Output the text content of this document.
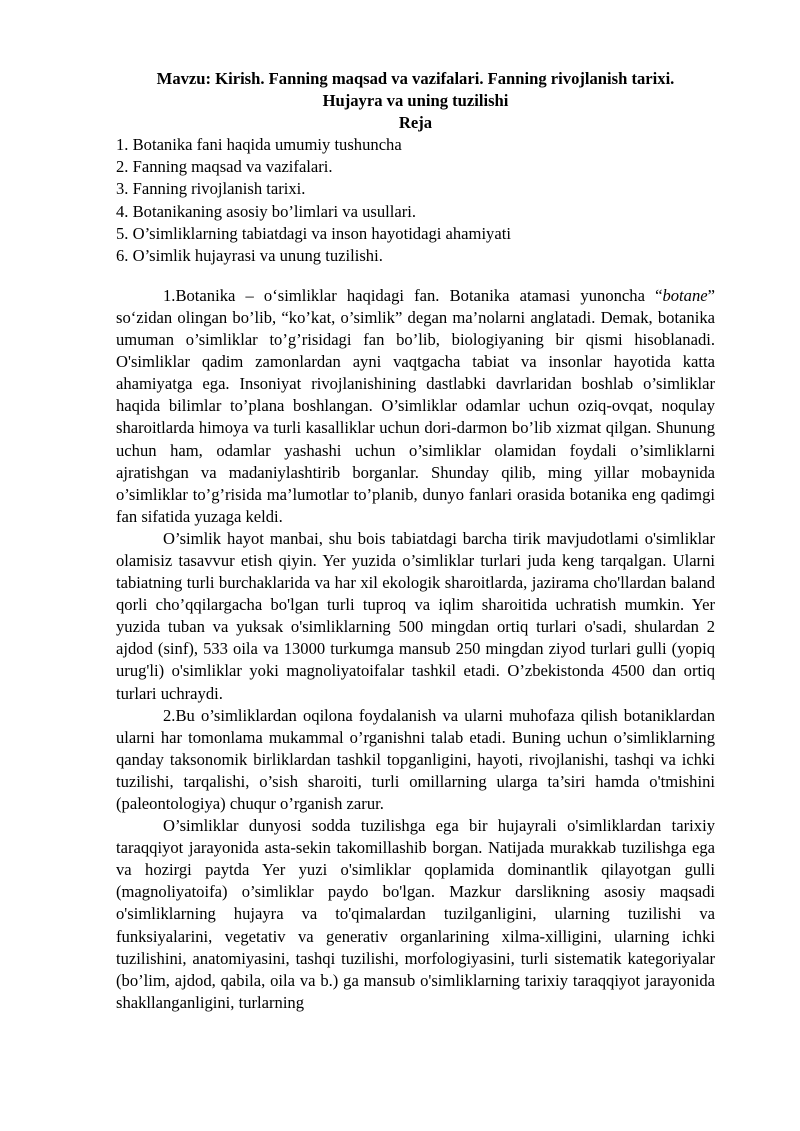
Mavzu: Kirish. Fanning maqsad va vazifalari. Fanning rivojlanish tarixi.

Hujayra va uning tuzilishi

Reja

1. Botanika fani haqida umumiy tushuncha
2. Fanning maqsad va vazifalari.
3. Fanning rivojlanish tarixi.
4. Botanikaning asosiy bo’limlari va usullari.
5. O’simliklarning tabiatdagi va inson hayotidagi ahamiyati
6. O’simlik hujayrasi va unung tuzilishi.

1.Botanika – o‘simliklar haqidagi fan. Botanika atamasi yunoncha “botane” so‘zidan olingan bo’lib, “ko’kat, o’simlik” degan ma’nolarni anglatadi. Demak, botanika umuman o’simliklar to’g’risidagi fan bo’lib, biologiyaning bir qismi hisoblanadi. O'simliklar qadim zamonlardan ayni vaqtgacha tabiat va insonlar hayotida katta ahamiyatga ega. Insoniyat rivojlanishining dastlabki davrlaridan boshlab o’simliklar haqida bilimlar to’plana boshlangan. O’simliklar odamlar uchun oziq-ovqat, noqulay sharoitlarda himoya va turli kasalliklar uchun dori-darmon bo’lib xizmat qilgan. Shunung uchun ham, odamlar yashashi uchun o’simliklar olamidan foydali o’simliklarni ajratishgan va madaniylashtirib borganlar. Shunday qilib, ming yillar mobaynida o’simliklar to’g’risida ma’lumotlar to’planib, dunyo fanlari orasida botanika eng qadimgi fan sifatida yuzaga keldi.

O’simlik hayot manbai, shu bois tabiatdagi barcha tirik mavjudotlami o'simliklar olamisiz tasavvur etish qiyin. Yer yuzida o’simliklar turlari juda keng tarqalgan. Ularni tabiatning turli burchaklarida va har xil ekologik sharoitlarda, jazirama cho'llardan baland qorli cho’qqilargacha bo'lgan turli tuproq va iqlim sharoitida uchratish mumkin. Yer yuzida tuban va yuksak o'simliklarning 500 mingdan ortiq turlari o'sadi, shulardan 2 ajdod (sinf), 533 oila va 13000 turkumga mansub 250 mingdan ziyod turlari gulli (yopiq urug'li) o'simliklar yoki magnoliyatoifalar tashkil etadi. O’zbekistonda 4500 dan ortiq turlari uchraydi.

2.Bu o’simliklardan oqilona foydalanish va ularni muhofaza qilish botaniklardan ularni har tomonlama mukammal o’rganishni talab etadi. Buning uchun o’simliklarning qanday taksonomik birliklardan tashkil topganligini, hayoti, rivojlanishi, tashqi va ichki tuzilishi, tarqalishi, o’sish sharoiti, turli omillarning ularga ta’siri hamda o'tmishini (paleontologiya) chuqur o’rganish zarur.

O’simliklar dunyosi sodda tuzilishga ega bir hujayrali o'simliklardan tarixiy taraqqiyot jarayonida asta-sekin takomillashib borgan. Natijada murakkab tuzilishga ega va hozirgi paytda Yer yuzi o'simliklar qoplamida dominantlik qilayotgan gulli (magnoliyatoifa) o’simliklar paydo bo'lgan. Mazkur darslikning asosiy maqsadi o'simliklarning hujayra va to'qimalardan tuzilganligini, ularning tuzilishi va funksiyalarini, vegetativ va generativ organlarining xilma-xilligini, ularning ichki tuzilishini, anatomiyasini, tashqi tuzilishi, morfologiyasini, turli sistematik kategoriyalar (bo’lim, ajdod, qabila, oila va b.) ga mansub o'simliklarning tarixiy taraqqiyot jarayonida shakllanganligini, turlarning
